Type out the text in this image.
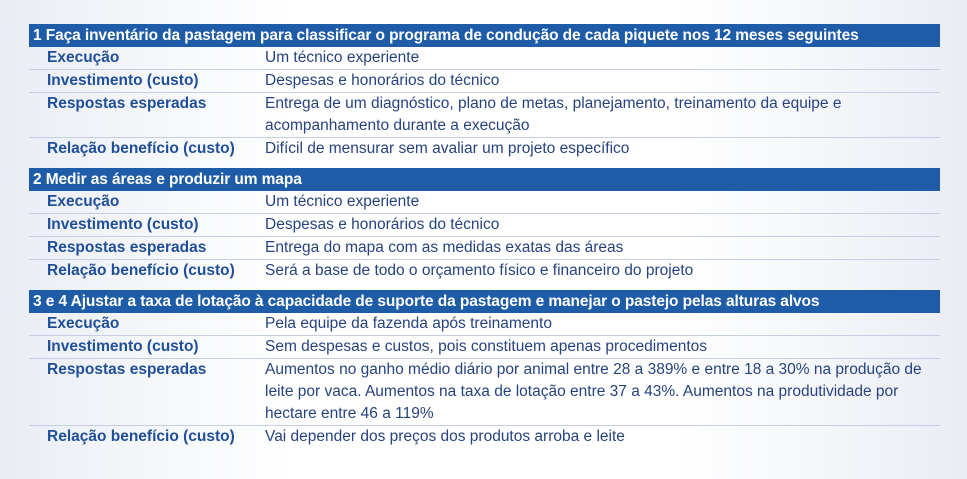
1 Faça inventário da pastagem para classificar o programa de condução de cada piquete nos 12 meses seguintes
Execução	Um técnico experiente
Investimento (custo)	Despesas e honorários do técnico
Respostas esperadas	Entrega de um diagnóstico, plano de metas, planejamento, treinamento da equipe e acompanhamento durante a execução
Relação benefício (custo)	Difícil de mensurar sem avaliar um projeto específico
2 Medir as áreas e produzir um mapa
Execução	Um técnico experiente
Investimento (custo)	Despesas e honorários do técnico
Respostas esperadas	Entrega do mapa com as medidas exatas das áreas
Relação benefício (custo)	Será a base de todo o orçamento físico e financeiro do projeto
3 e 4 Ajustar a taxa de lotação à capacidade de suporte da pastagem e manejar o pastejo pelas alturas alvos
Execução	Pela equipe da fazenda após treinamento
Investimento (custo)	Sem despesas e custos, pois constituem apenas procedimentos
Respostas esperadas	Aumentos no ganho médio diário por animal entre 28 a 389% e entre 18 a 30% na produção de leite por vaca. Aumentos na taxa de lotação entre 37 a 43%. Aumentos na produtividade por hectare entre 46 a 119%
Relação benefício (custo)	Vai depender dos preços dos produtos arroba e leite
